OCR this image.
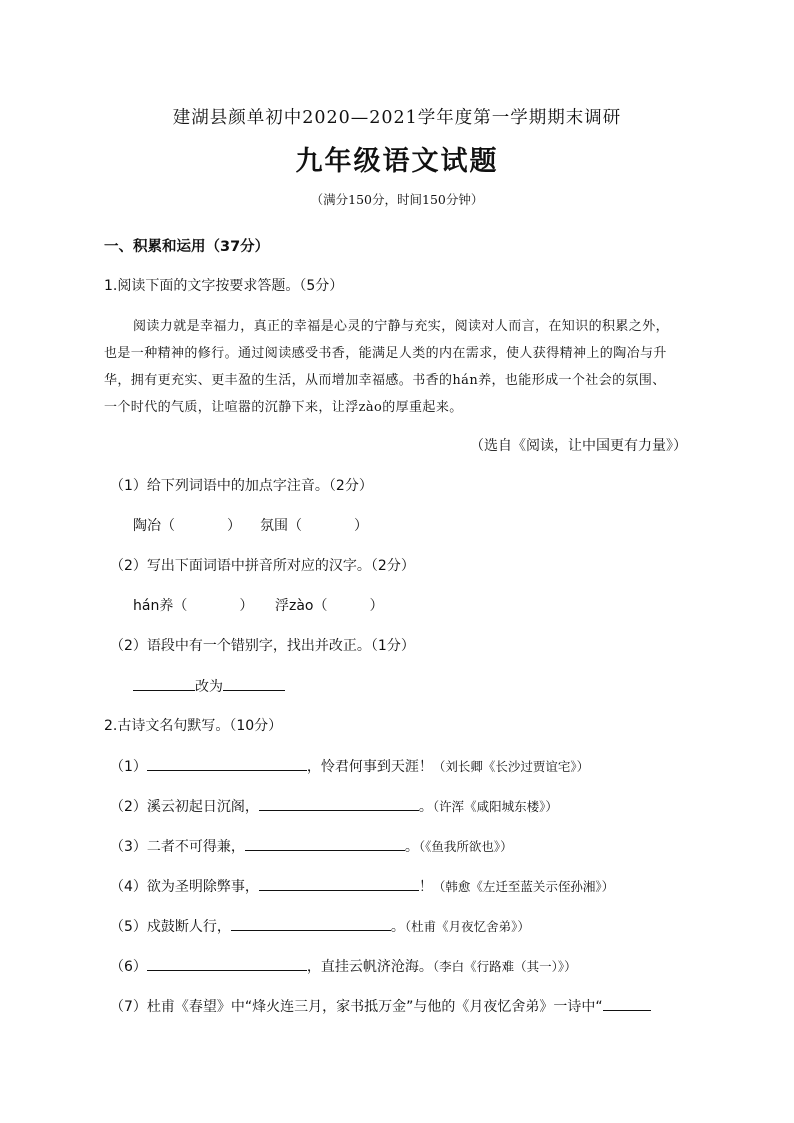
建湖县颜单初中2020—2021学年度第一学期期末调研
九年级语文试题
（满分150分，时间150分钟）
一、积累和运用（37分）
1.阅读下面的文字按要求答题。（5分）
阅读力就是幸福力，真正的幸福是心灵的宁静与充实，阅读对人而言，在知识的积累之外，
也是一种精神的修行。通过阅读感受书香，能满足人类的内在需求，使人获得精神上的陶冶与升
华，拥有更充实、更丰盈的生活，从而增加幸福感。书香的hán养，也能形成一个社会的氛围、
一个时代的气质，让喧嚣的沉静下来，让浮zào的厚重起来。
（选自《阅读，让中国更有力量》）
（1）给下列词语中的加点字注音。（2分）
陶冶（	） 氛围（	）
（2）写出下面词语中拼音所对应的汉字。（2分）
hán养（	） 浮zào（	）
（2）语段中有一个错别字，找出并改正。（1分）
改为
2.古诗文名句默写。（10分）
（1）	，怜君何事到天涯！（刘长卿《长沙过贾谊宅》）
（2）溪云初起日沉阁，	。（许浑《咸阳城东楼》）
（3）二者不可得兼，	。（《鱼我所欲也》）
（4）欲为圣明除弊事，	！（韩愈《左迁至蓝关示侄孙湘》）
（5）戍鼓断人行，	。（杜甫《月夜忆舍弟》）
（6）	，直挂云帆济沧海。（李白《行路难（其一）》）
（7）杜甫《春望》中“烽火连三月，家书抵万金”与他的《月夜忆舍弟》一诗中“
